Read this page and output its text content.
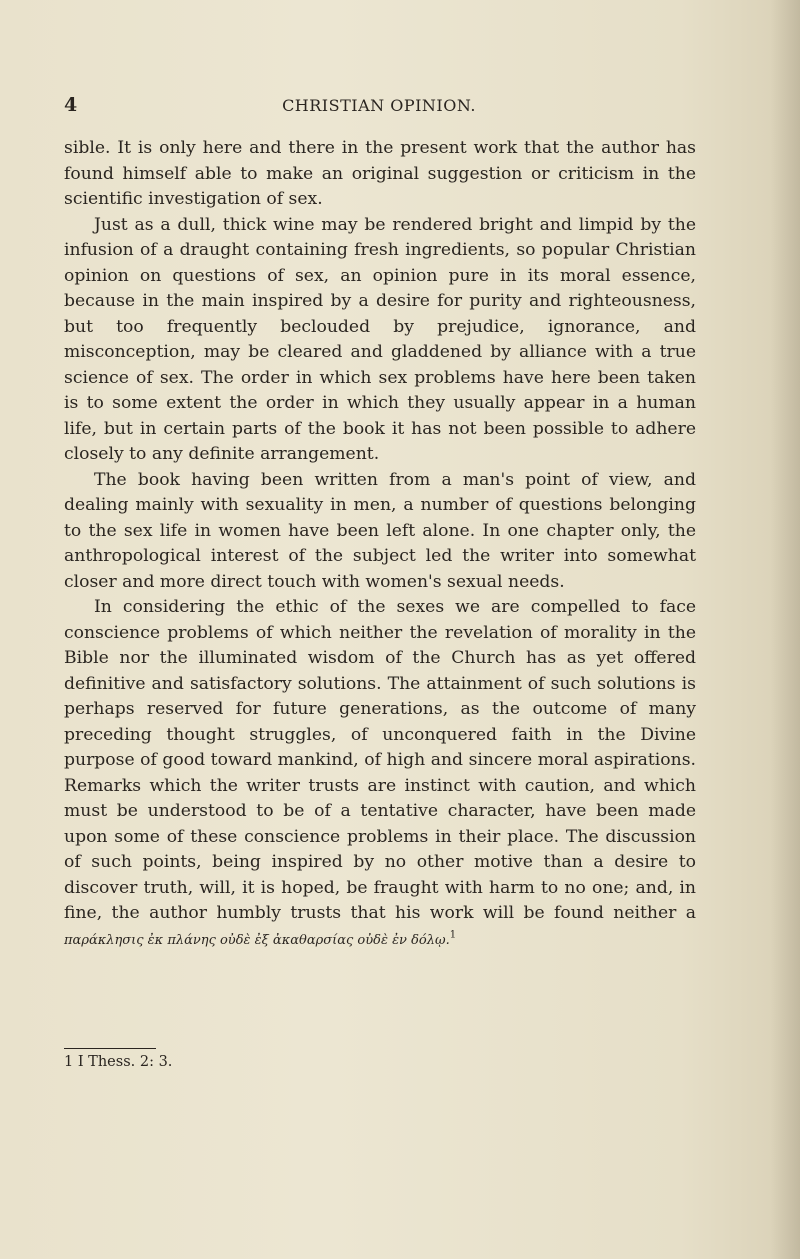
4	CHRISTIAN OPINION.

sible. It is only here and there in the present work that the author has found himself able to make an original suggestion or criticism in the scientific investigation of sex.

Just as a dull, thick wine may be rendered bright and limpid by the infusion of a draught containing fresh ingredients, so popular Christian opinion on questions of sex, an opinion pure in its moral essence, because in the main inspired by a desire for purity and righteousness, but too frequently beclouded by prejudice, ignorance, and misconception, may be cleared and gladdened by alliance with a true science of sex. The order in which sex problems have here been taken is to some extent the order in which they usually appear in a human life, but in certain parts of the book it has not been possible to adhere closely to any definite arrangement.

The book having been written from a man's point of view, and dealing mainly with sexuality in men, a number of questions belonging to the sex life in women have been left alone. In one chapter only, the anthropological interest of the subject led the writer into somewhat closer and more direct touch with women's sexual needs.

In considering the ethic of the sexes we are compelled to face conscience problems of which neither the revelation of morality in the Bible nor the illuminated wisdom of the Church has as yet offered definitive and satisfactory solutions. The attainment of such solutions is perhaps reserved for future generations, as the outcome of many preceding thought struggles, of unconquered faith in the Divine purpose of good toward mankind, of high and sincere moral aspirations. Remarks which the writer trusts are instinct with caution, and which must be understood to be of a tentative character, have been made upon some of these conscience problems in their place. The discussion of such points, being inspired by no other motive than a desire to discover truth, will, it is hoped, be fraught with harm to no one; and, in fine, the author humbly trusts that his work will be found neither a παράκλησις ἐκ πλάνης οὐδὲ ἐξ ἀκαθαρσίας οὐδὲ ἐν δόλῳ.$^1$

1 I Thess. 2: 3.
